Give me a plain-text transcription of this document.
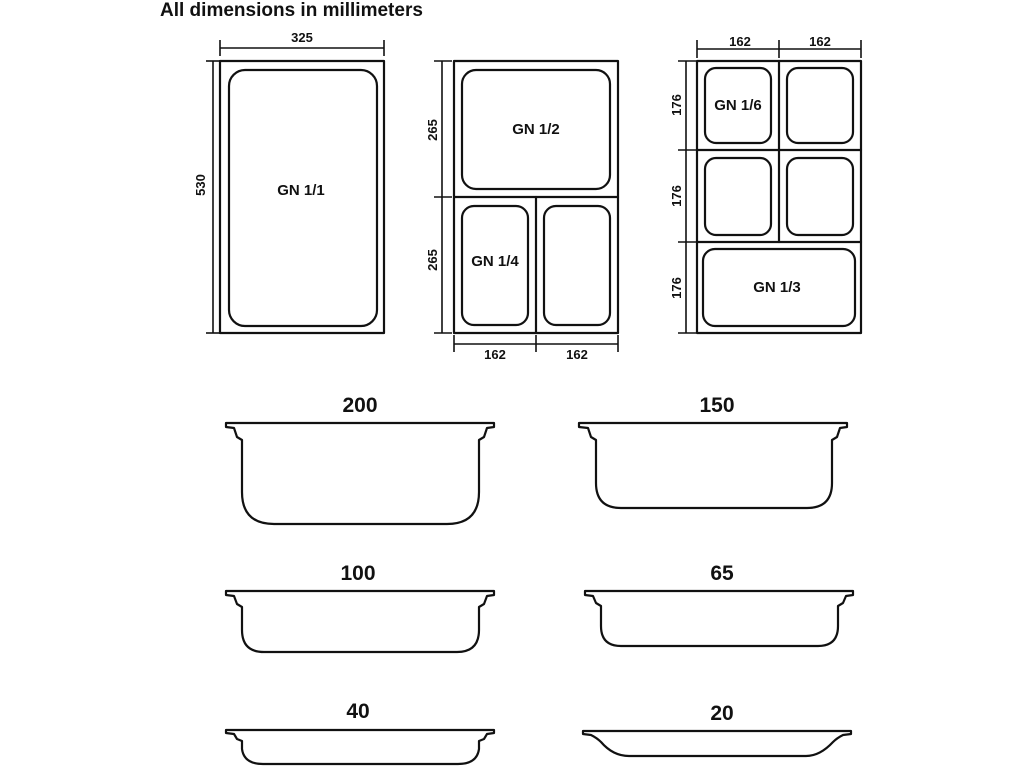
All dimensions in millimeters
325
530	GN 1/1
265
265
162	162
GN 1/2
GN 1/4
162	162
176
176
176
GN 1/6
GN 1/3
200	150
100	65
40	20
